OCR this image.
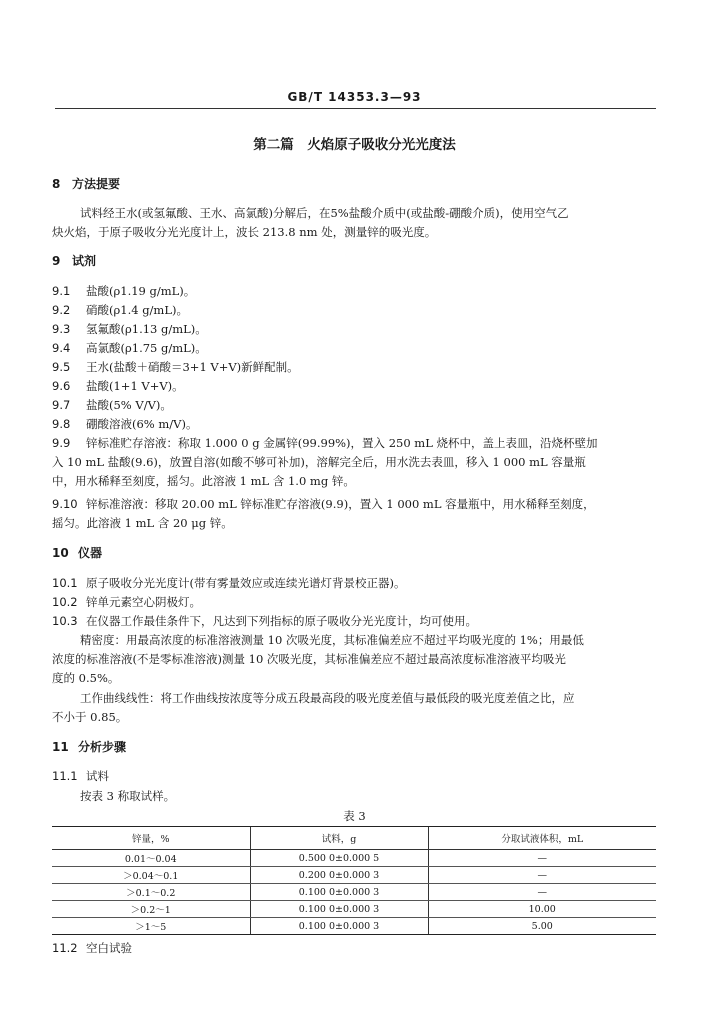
GB/T 14353.3—93
第二篇　火焰原子吸收分光光度法
8 方法提要
试料经王水(或氢氟酸、王水、高氯酸)分解后，在5%盐酸介质中(或盐酸-硼酸介质)，使用空气乙
炔火焰，于原子吸收分光光度计上，波长 213.8 nm 处，测量锌的吸光度。
9 试剂
9.1 盐酸(ρ1.19 g/mL)。
9.2 硝酸(ρ1.4 g/mL)。
9.3 氢氟酸(ρ1.13 g/mL)。
9.4 高氯酸(ρ1.75 g/mL)。
9.5 王水(盐酸＋硝酸＝3+1 V+V)新鲜配制。
9.6 盐酸(1+1 V+V)。
9.7 盐酸(5% V/V)。
9.8 硼酸溶液(6% m/V)。
9.9 锌标准贮存溶液：称取 1.000 0 g 金属锌(99.99%)，置入 250 mL 烧杯中，盖上表皿，沿烧杯壁加
入 10 mL 盐酸(9.6)，放置自溶(如酸不够可补加)，溶解完全后，用水洗去表皿，移入 1 000 mL 容量瓶
中，用水稀释至刻度，摇匀。此溶液 1 mL 含 1.0 mg 锌。
9.10 锌标准溶液：移取 20.00 mL 锌标准贮存溶液(9.9)，置入 1 000 mL 容量瓶中，用水稀释至刻度，
摇匀。此溶液 1 mL 含 20 μg 锌。
10 仪器
10.1 原子吸收分光光度计(带有雾量效应或连续光谱灯背景校正器)。
10.2 锌单元素空心阴极灯。
10.3 在仪器工作最佳条件下，凡达到下列指标的原子吸收分光光度计，均可使用。
精密度：用最高浓度的标准溶液测量 10 次吸光度，其标准偏差应不超过平均吸光度的 1%；用最低
浓度的标准溶液(不是零标准溶液)测量 10 次吸光度，其标准偏差应不超过最高浓度标准溶液平均吸光
度的 0.5%。
工作曲线线性：将工作曲线按浓度等分成五段最高段的吸光度差值与最低段的吸光度差值之比，应
不小于 0.85。
11 分析步骤
11.1 试料
按表 3 称取试样。
表 3
锌量，%	试料，g	分取试液体积，mL
0.01～0.04	0.500 0±0.000 5	—
＞0.04～0.1	0.200 0±0.000 3	—
＞0.1～0.2	0.100 0±0.000 3	—
＞0.2～1	0.100 0±0.000 3	10.00
＞1～5	0.100 0±0.000 3	5.00
11.2 空白试验
